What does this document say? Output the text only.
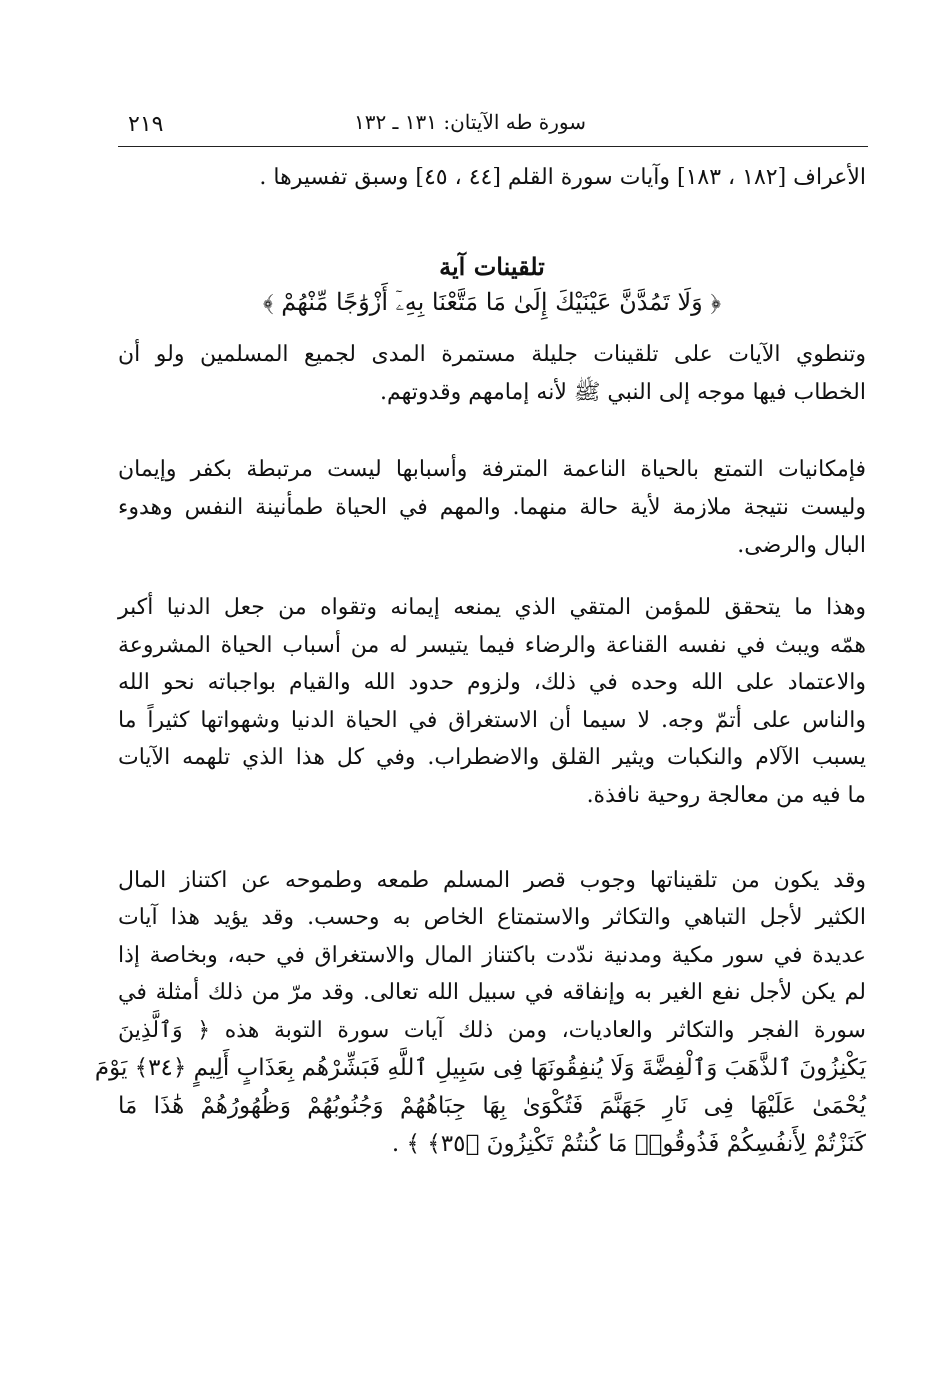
سورة طه الآيتان: ١٣١ ـ ١٣٢
٢١٩
الأعراف [١٨٢ ، ١٨٣] وآيات سورة القلم [٤٤ ، ٤٥] وسبق تفسيرها .
تلقينات آية
﴿ وَلَا تَمُدَّنَّ عَيْنَيْكَ إِلَىٰ مَا مَتَّعْنَا بِهِۦٓ أَزْوَٰجًا مِّنْهُمْ ﴾
وتنطوي الآيات على تلقينات جليلة مستمرة المدى لجميع المسلمين ولو أن
الخطاب فيها موجه إلى النبي ﷺ لأنه إمامهم وقدوتهم.
فإمكانيات التمتع بالحياة الناعمة المترفة وأسبابها ليست مرتبطة بكفر وإيمان
وليست نتيجة ملازمة لأية حالة منهما. والمهم في الحياة طمأنينة النفس وهدوء
البال والرضى.
وهذا ما يتحقق للمؤمن المتقي الذي يمنعه إيمانه وتقواه من جعل الدنيا أكبر
همّه ويبث في نفسه القناعة والرضاء فيما يتيسر له من أسباب الحياة المشروعة
والاعتماد على الله وحده في ذلك، ولزوم حدود الله والقيام بواجباته نحو الله
والناس على أتمّ وجه. لا سيما أن الاستغراق في الحياة الدنيا وشهواتها كثيراً ما
يسبب الآلام والنكبات ويثير القلق والاضطراب. وفي كل هذا الذي تلهمه الآيات
ما فيه من معالجة روحية نافذة.
وقد يكون من تلقيناتها وجوب قصر المسلم طمعه وطموحه عن اكتناز المال
الكثير لأجل التباهي والتكاثر والاستمتاع الخاص به وحسب. وقد يؤيد هذا آيات
عديدة في سور مكية ومدنية ندّدت باكتناز المال والاستغراق في حبه، وبخاصة إذا
لم يكن لأجل نفع الغير به وإنفاقه في سبيل الله تعالى. وقد مرّ من ذلك أمثلة في
سورة الفجر والتكاثر والعاديات، ومن ذلك آيات سورة التوبة هذه ﴿ وَٱلَّذِينَ
يَكْنِزُونَ ٱلذَّهَبَ وَٱلْفِضَّةَ وَلَا يُنفِقُونَهَا فِى سَبِيلِ ٱللَّهِ فَبَشِّرْهُم بِعَذَابٍ أَلِيمٍ ﴿٣٤﴾ يَوْمَ
يُحْمَىٰ عَلَيْهَا فِى نَارِ جَهَنَّمَ فَتُكْوَىٰ بِهَا جِبَاهُهُمْ وَجُنُوبُهُمْ وَظُهُورُهُمْ هَٰذَا مَا
كَنَزْتُمْ لِأَنفُسِكُمْ فَذُوقُوا۟ مَا كُنتُمْ تَكْنِزُونَ ﴿٣٥﴾ ﴾ .
